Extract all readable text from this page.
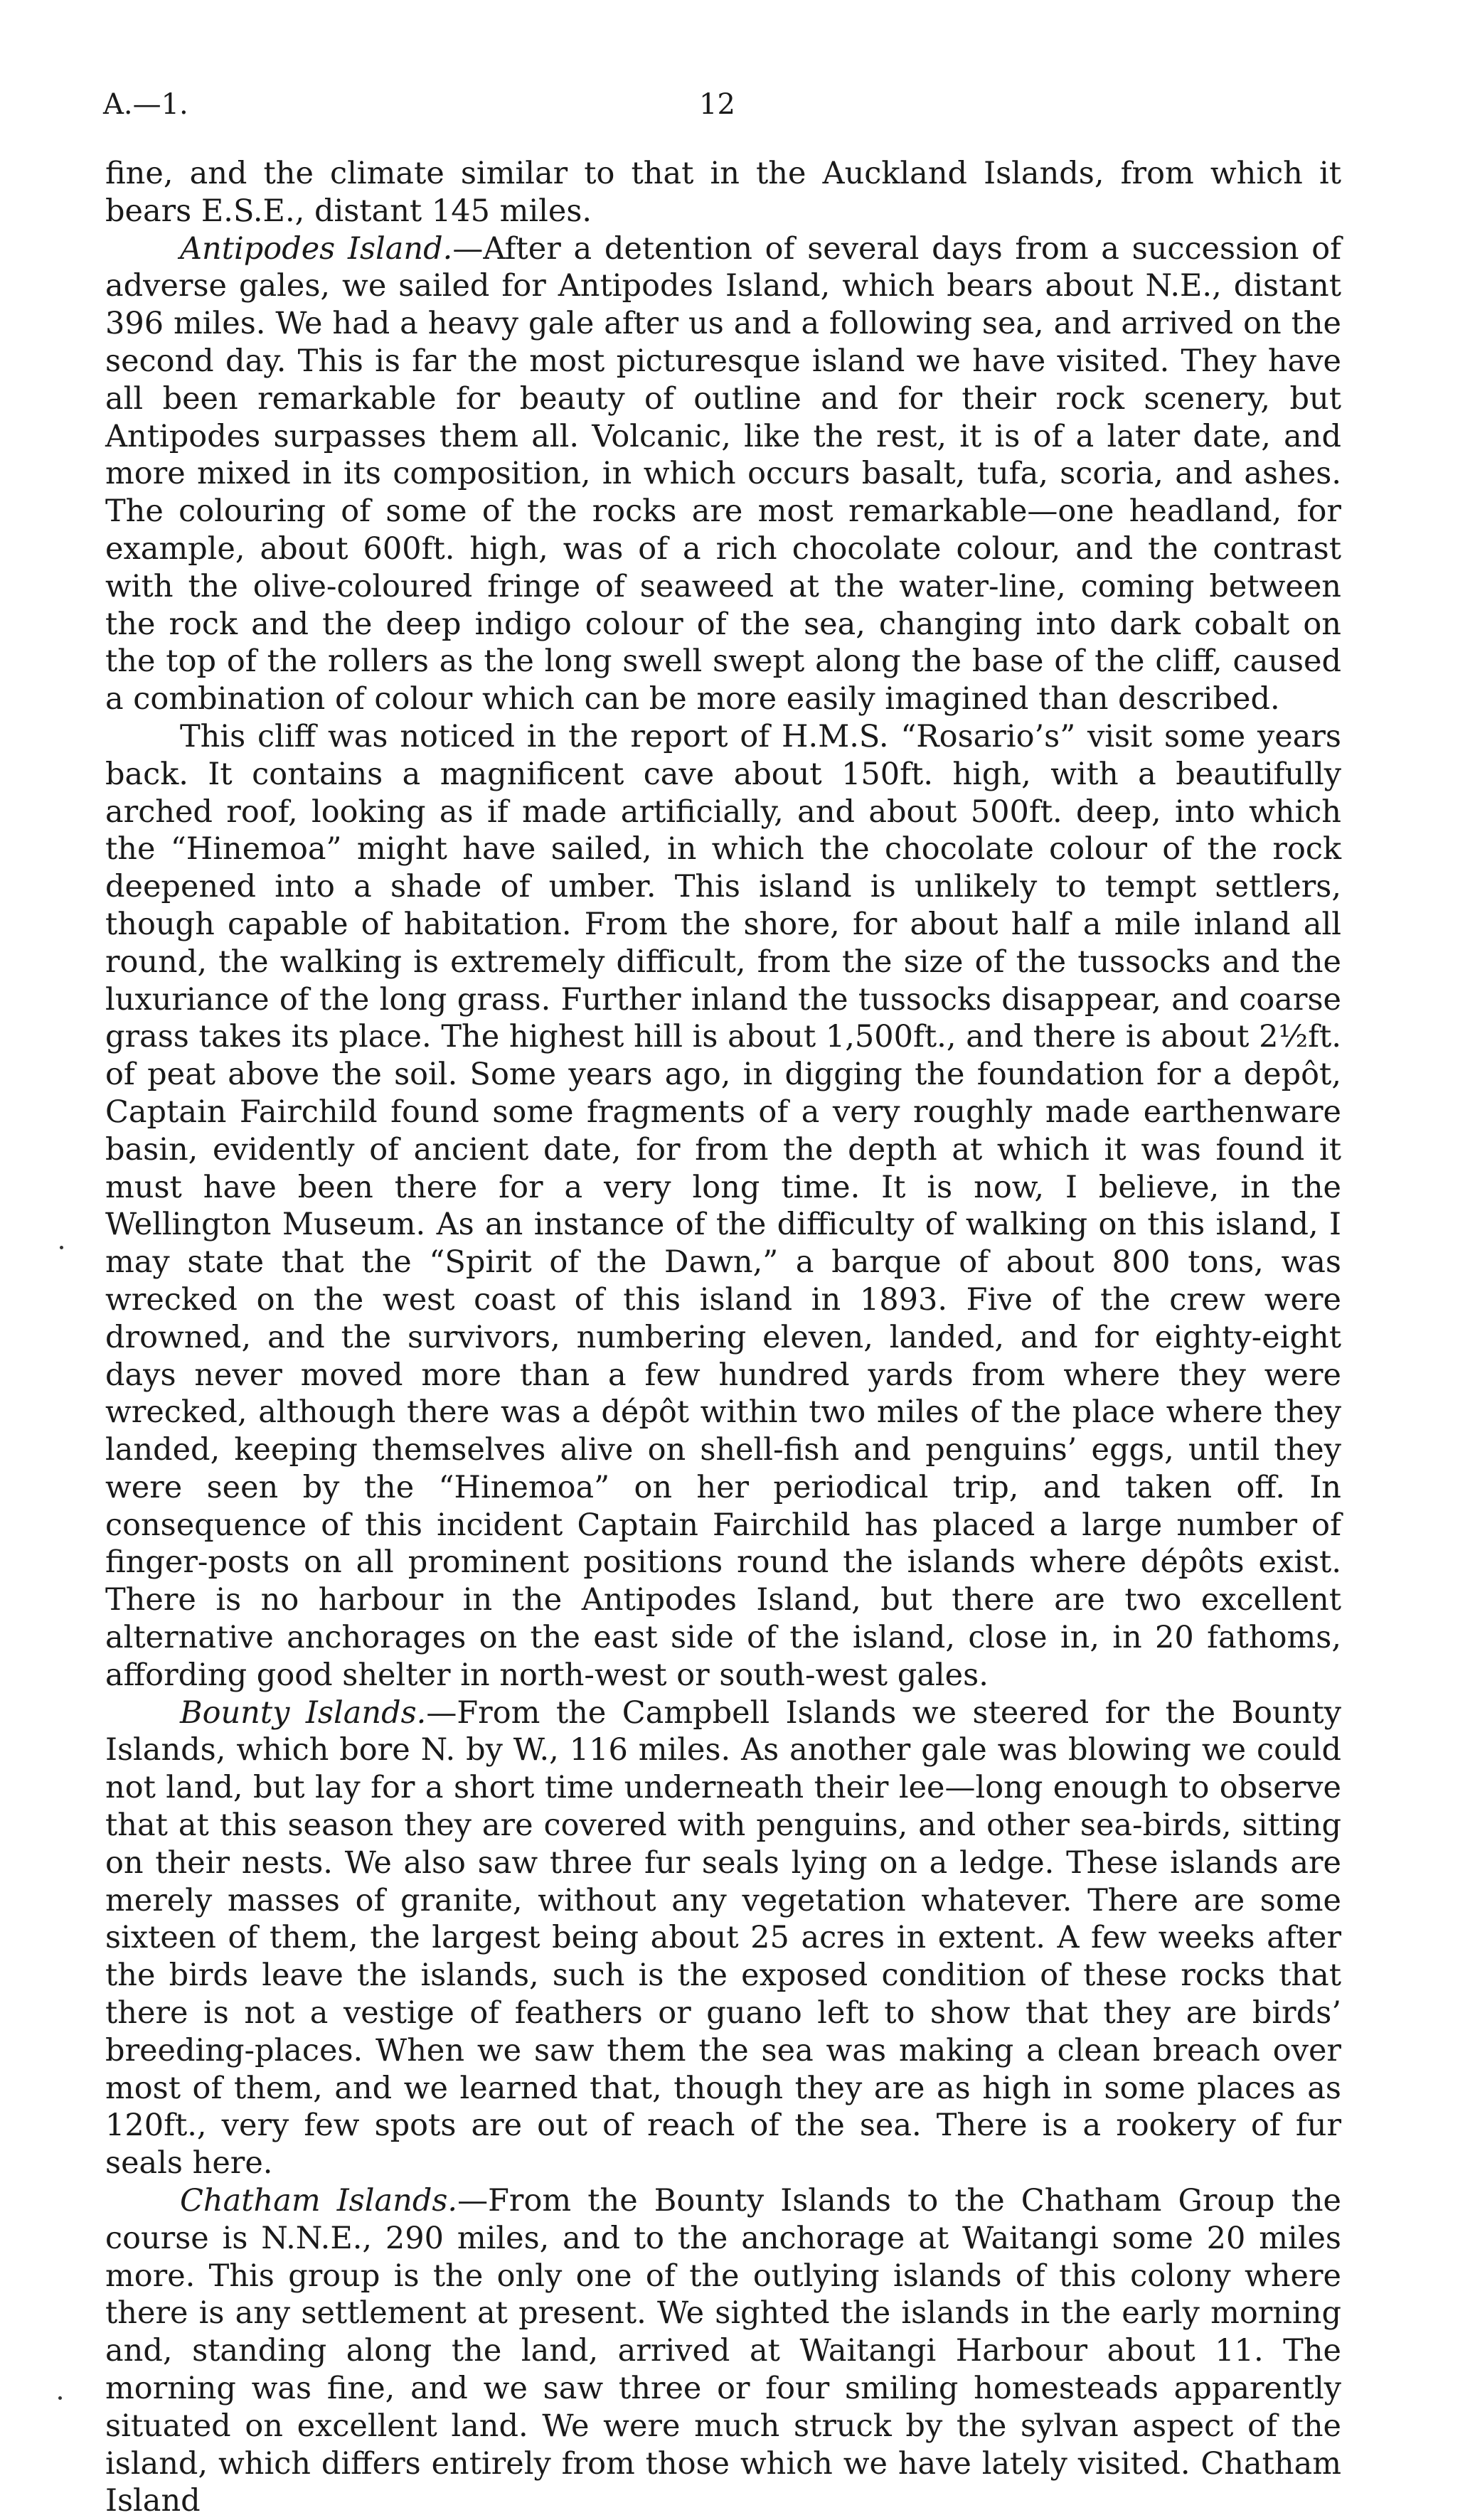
A.—1.	12

fine, and the climate similar to that in the Auckland Islands, from which it bears E.S.E., distant 145 miles.

Antipodes Island.—After a detention of several days from a succession of adverse gales, we sailed for Antipodes Island, which bears about N.E., distant 396 miles. We had a heavy gale after us and a following sea, and arrived on the second day. This is far the most picturesque island we have visited. They have all been remarkable for beauty of outline and for their rock scenery, but Antipodes surpasses them all. Volcanic, like the rest, it is of a later date, and more mixed in its composition, in which occurs basalt, tufa, scoria, and ashes. The colouring of some of the rocks are most remarkable—one headland, for example, about 600ft. high, was of a rich chocolate colour, and the contrast with the olive-coloured fringe of seaweed at the water-line, coming between the rock and the deep indigo colour of the sea, changing into dark cobalt on the top of the rollers as the long swell swept along the base of the cliff, caused a combination of colour which can be more easily imagined than described.

This cliff was noticed in the report of H.M.S. “Rosario’s” visit some years back. It contains a magnificent cave about 150ft. high, with a beautifully arched roof, looking as if made artificially, and about 500ft. deep, into which the “Hinemoa” might have sailed, in which the chocolate colour of the rock deepened into a shade of umber. This island is unlikely to tempt settlers, though capable of habitation. From the shore, for about half a mile inland all round, the walking is extremely difficult, from the size of the tussocks and the luxuriance of the long grass. Further inland the tussocks disappear, and coarse grass takes its place. The highest hill is about 1,500ft., and there is about 2½ft. of peat above the soil. Some years ago, in digging the foundation for a depôt, Captain Fairchild found some fragments of a very roughly made earthenware basin, evidently of ancient date, for from the depth at which it was found it must have been there for a very long time. It is now, I believe, in the Wellington Museum. As an instance of the difficulty of walking on this island, I may state that the “Spirit of the Dawn,” a barque of about 800 tons, was wrecked on the west coast of this island in 1893. Five of the crew were drowned, and the survivors, numbering eleven, landed, and for eighty-eight days never moved more than a few hundred yards from where they were wrecked, although there was a dépôt within two miles of the place where they landed, keeping themselves alive on shell-fish and penguins’ eggs, until they were seen by the “Hinemoa” on her periodical trip, and taken off. In consequence of this incident Captain Fairchild has placed a large number of finger-posts on all prominent positions round the islands where dépôts exist. There is no harbour in the Antipodes Island, but there are two excellent alternative anchorages on the east side of the island, close in, in 20 fathoms, affording good shelter in north-west or south-west gales.

Bounty Islands.—From the Campbell Islands we steered for the Bounty Islands, which bore N. by W., 116 miles. As another gale was blowing we could not land, but lay for a short time underneath their lee—long enough to observe that at this season they are covered with penguins, and other sea-birds, sitting on their nests. We also saw three fur seals lying on a ledge. These islands are merely masses of granite, without any vegetation whatever. There are some sixteen of them, the largest being about 25 acres in extent. A few weeks after the birds leave the islands, such is the exposed condition of these rocks that there is not a vestige of feathers or guano left to show that they are birds’ breeding-places. When we saw them the sea was making a clean breach over most of them, and we learned that, though they are as high in some places as 120ft., very few spots are out of reach of the sea. There is a rookery of fur seals here.

Chatham Islands.—From the Bounty Islands to the Chatham Group the course is N.N.E., 290 miles, and to the anchorage at Waitangi some 20 miles more. This group is the only one of the outlying islands of this colony where there is any settlement at present. We sighted the islands in the early morning and, standing along the land, arrived at Waitangi Harbour about 11. The morning was fine, and we saw three or four smiling homesteads apparently situated on excellent land. We were much struck by the sylvan aspect of the island, which differs entirely from those which we have lately visited. Chatham Island
